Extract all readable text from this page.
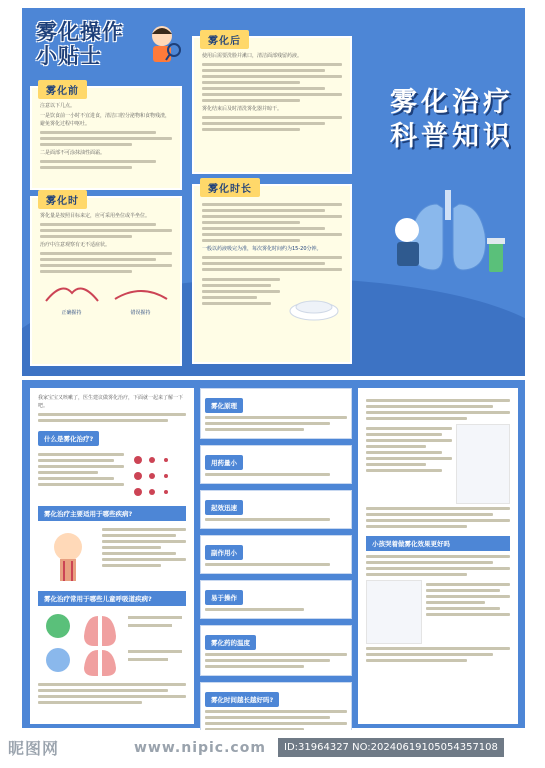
雾化操作
小贴士
雾化前
注意以下几点。
一是饮食前一小时不宜进食，清洁口腔分泌物和食物残渣，避免雾化过程中呕吐。
二是面部不可涂抹油性面霜。
雾化时
雾化量是按照目标来定，应可采用坐位或半坐位。
治疗中注意观察有无不适症状。
正确握持	错误握持
雾化后
使用后需要洗脸并漱口，清洁面部残留药液。
雾化结束后及时清洗雾化器并晾干。
雾化时长
一般以药液吸完为准，每次雾化时间约为15-20分钟。
雾化治疗
科普知识
我家宝宝又咳嗽了，医生建议做雾化治疗，下面就一起来了解一下吧。
什么是雾化治疗?
雾化治疗主要适用于哪些疾病?
雾化治疗常用于哪些儿童呼吸道疾病?
雾化原理
用药量小
起效迅速
副作用小
易于操作
雾化药的温度
雾化时间越长越好吗?
小孩哭着做雾化效果更好吗
昵图网	www.nipic.com	ID:31964327 NO:20240619105054357108
